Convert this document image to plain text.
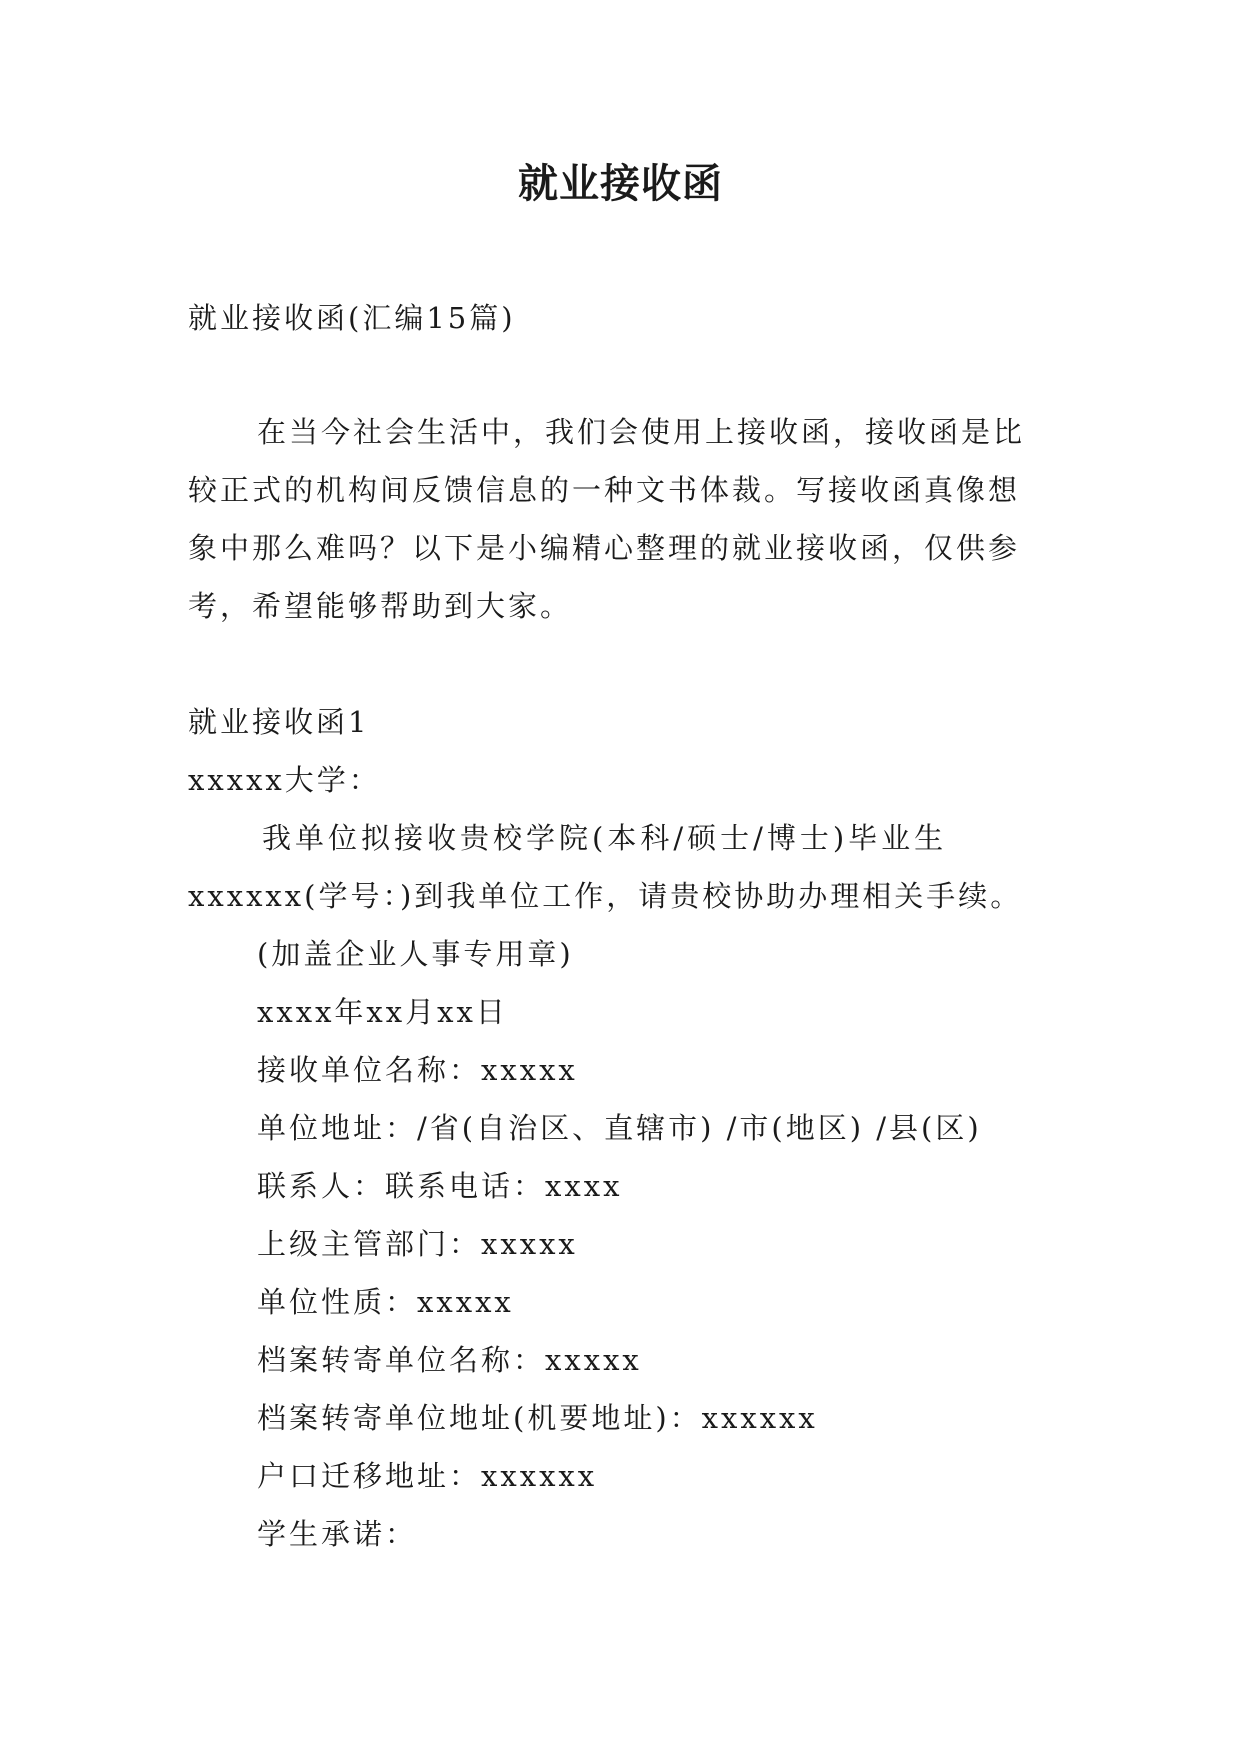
就业接收函
就业接收函(汇编15篇)
在当今社会生活中，我们会使用上接收函，接收函是比
较正式的机构间反馈信息的一种文书体裁。写接收函真像想
象中那么难吗？以下是小编精心整理的就业接收函，仅供参
考，希望能够帮助到大家。
就业接收函1
xxxxx大学：
我单位拟接收贵校学院(本科/硕士/博士)毕业生
xxxxxx(学号：)到我单位工作，请贵校协助办理相关手续。
(加盖企业人事专用章)
xxxx年xx月xx日
接收单位名称：xxxxx
单位地址：/省(自治区、直辖市) /市(地区) /县(区)
联系人：联系电话：xxxx
上级主管部门：xxxxx
单位性质：xxxxx
档案转寄单位名称：xxxxx
档案转寄单位地址(机要地址)：xxxxxx
户口迁移地址：xxxxxx
学生承诺：
